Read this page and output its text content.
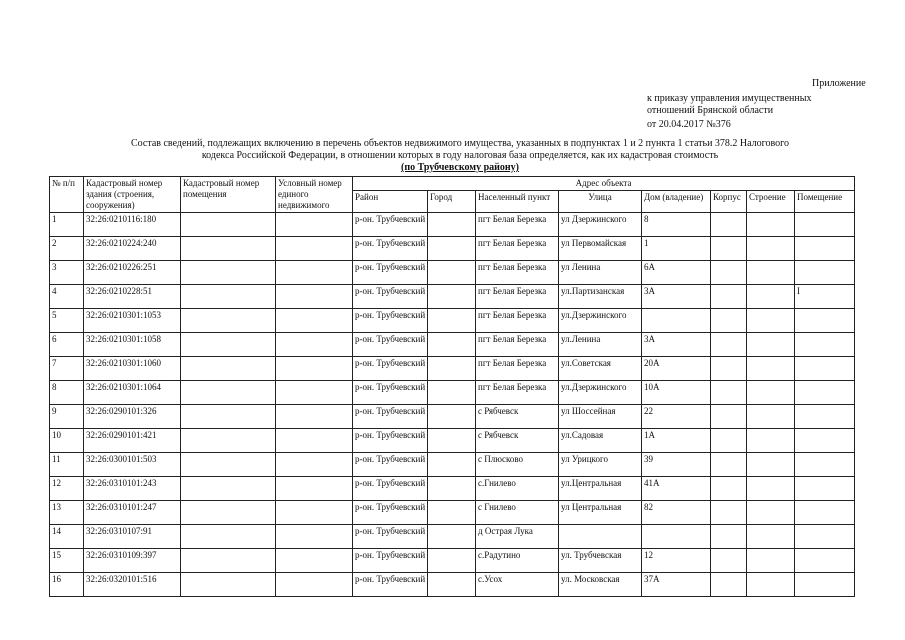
Приложение
к приказу управления имущественных
отношений Брянской области
от 20.04.2017 №376
Состав сведений, подлежащих включению в перечень объектов недвижимого имущества, указанных в подпунктах 1 и 2 пункта 1 статьи 378.2 Налогового
кодекса Российской Федерации, в отношении которых в году налоговая база определяется, как их кадастровая стоимость
(по Трубчевскому району)
№ п/п	Кадастровый номер здания (строения, сооружения)	Кадастровый номер помещения	Условный номер единого недвижимого	Адрес объекта							
				Район	Город	Населенный пункт	Улица	Дом (владение)	Корпус	Строение	Помещение
1	32:26:0210116:180			р-он. Трубчевский		пгт Белая Березка	ул Дзержинского	8			
2	32:26:0210224:240			р-он. Трубчевский		пгт Белая Березка	ул Первомайская	1			
3	32:26:0210226:251			р-он. Трубчевский		пгт Белая Березка	ул Ленина	6А			
4	32:26:0210228:51			р-он. Трубчевский		пгт Белая Березка	ул.Партизанская	3А			I
5	32:26:0210301:1053			р-он. Трубчевский		пгт Белая Березка	ул.Дзержинского				
6	32:26:0210301:1058			р-он. Трубчевский		пгт Белая Березка	ул.Ленина	3А			
7	32:26:0210301:1060			р-он. Трубчевский		пгт Белая Березка	ул.Советская	20А			
8	32:26:0210301:1064			р-он. Трубчевский		пгт Белая Березка	ул.Дзержинского	10А			
9	32:26:0290101:326			р-он. Трубчевский		с Рябчевск	ул Шоссейная	22			
10	32:26:0290101:421			р-он. Трубчевский		с Рябчевск	ул.Садовая	1А			
11	32:26:0300101:503			р-он. Трубчевский		с Плюсково	ул Урицкого	39			
12	32:26:0310101:243			р-он. Трубчевский		с.Гнилево	ул.Центральная	41А			
13	32:26:0310101:247			р-он. Трубчевский		с Гнилево	ул Центральная	82			
14	32:26:0310107:91			р-он. Трубчевский		д Острая Лука					
15	32:26:0310109:397			р-он. Трубчевский		с.Радутино	ул. Трубчевская	12			
16	32:26:0320101:516			р-он. Трубчевский		с.Усох	ул. Московская	37А			
